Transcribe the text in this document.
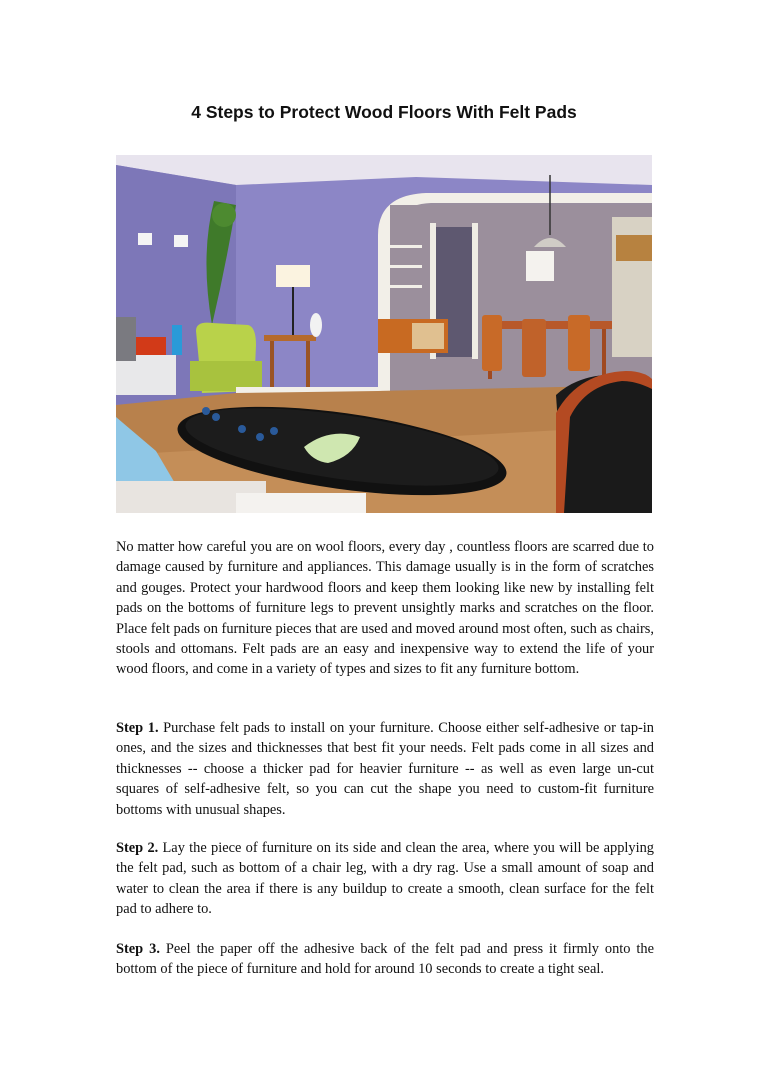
4 Steps to Protect Wood Floors With Felt Pads

No matter how careful you are on wool floors, every day , countless floors are scarred due to damage caused by furniture and appliances. This damage usually is in the form of scratches and gouges. Protect your hardwood floors and keep them looking like new by installing felt pads on the bottoms of furniture legs to prevent unsightly marks and scratches on the floor. Place felt pads on furniture pieces that are used and moved around most often, such as chairs, stools and ottomans. Felt pads are an easy and inexpensive way to extend the life of your wood floors, and come in a variety of types and sizes to fit any furniture bottom.

Step 1. Purchase felt pads to install on your furniture. Choose either self-adhesive or tap-in ones, and the sizes and thicknesses that best fit your needs. Felt pads come in all sizes and thicknesses -- choose a thicker pad for heavier furniture -- as well as even large un-cut squares of self-adhesive felt, so you can cut the shape you need to custom-fit furniture bottoms with unusual shapes.

Step 2. Lay the piece of furniture on its side and clean the area, where you will be applying the felt pad, such as bottom of a chair leg, with a dry rag. Use a small amount of soap and water to clean the area if there is any buildup to create a smooth, clean surface for the felt pad to adhere to.

Step 3. Peel the paper off the adhesive back of the felt pad and press it firmly onto the bottom of the piece of furniture and hold for around 10 seconds to create a tight seal.
